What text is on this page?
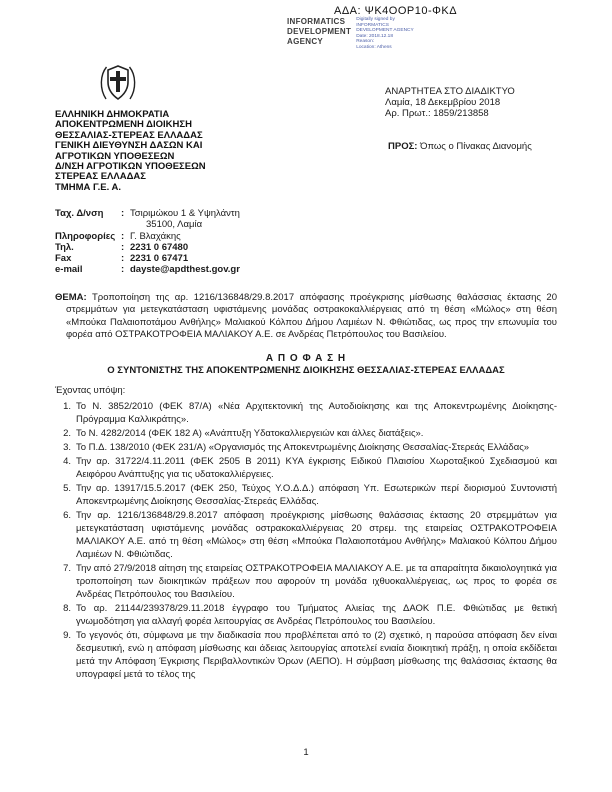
ΑΔΑ: ΨΚ4ΟΟΡ10-ΦΚΔ
INFORMATICS
DEVELOPMENT
AGENCY
Digitally signed by
INFORMATICS
DEVELOPMENT AGENCY
Date: 2018.12.18
Reason:
Location: Athens
ΕΛΛΗΝΙΚΗ ΔΗΜΟΚΡΑΤΙΑ
ΑΠΟΚΕΝΤΡΩΜΕΝΗ ΔΙΟΙΚΗΣΗ
ΘΕΣΣΑΛΙΑΣ-ΣΤΕΡΕΑΣ ΕΛΛΑΔΑΣ
ΓΕΝΙΚΗ ΔΙΕΥΘΥΝΣΗ ΔΑΣΩΝ ΚΑΙ
ΑΓΡΟΤΙΚΩΝ ΥΠΟΘΕΣΕΩΝ
Δ/ΝΣΗ ΑΓΡΟΤΙΚΩΝ ΥΠΟΘΕΣΕΩΝ
ΣΤΕΡΕΑΣ ΕΛΛΑΔΑΣ
ΤΜΗΜΑ Γ.Ε. Α.
ΑΝΑΡΤΗΤΕΑ ΣΤΟ ΔΙΑΔΙΚΤΥΟ
Λαμία, 18 Δεκεμβρίου 2018
Αρ. Πρωτ.: 1859/213858
ΠΡΟΣ: Όπως ο Πίνακας Διανομής
Ταχ. Δ/νση : Τσιριμώκου 1 & Υψηλάντη
35100, Λαμία
Πληροφορίες : Γ. Βλαχάκης
Τηλ.	: 2231 0 67480
Fax	: 2231 0 67471
e-mail	: dayste@apdthest.gov.gr

ΘΕΜΑ: Τροποποίηση της αρ. 1216/136848/29.8.2017 απόφασης προέγκρισης μίσθωσης θαλάσσιας έκτασης 20 στρεμμάτων για μετεγκατάσταση υφιστάμενης μονάδας οστρακοκαλλιέργειας από τη θέση «Μώλος» στη θέση «Μπούκα Παλαιοποτάμου Ανθήλης» Μαλιακού Κόλπου Δήμου Λαμιέων Ν. Φθιώτιδας, ως προς την επωνυμία του φορέα από ΟΣΤΡΑΚΟΤΡΟΦΕΙΑ ΜΑΛΙΑΚΟΥ Α.Ε. σε Ανδρέας Πετρόπουλος του Βασιλείου.

Α Π Ο Φ Α Σ Η
Ο ΣΥΝΤΟΝΙΣΤΗΣ ΤΗΣ ΑΠΟΚΕΝΤΡΩΜΕΝΗΣ ΔΙΟΙΚΗΣΗΣ ΘΕΣΣΑΛΙΑΣ-ΣΤΕΡΕΑΣ ΕΛΛΑΔΑΣ
Έχοντας υπόψη:
1. Το Ν. 3852/2010 (ΦΕΚ 87/Α) «Νέα Αρχιτεκτονική της Αυτοδιοίκησης και της Αποκεντρωμένης Διοίκησης-Πρόγραμμα Καλλικράτης».
2. Το Ν. 4282/2014 (ΦΕΚ 182 Α) «Ανάπτυξη Υδατοκαλλιεργειών και άλλες διατάξεις».
3. Το Π.Δ. 138/2010 (ΦΕΚ 231/Α) «Οργανισμός της Αποκεντρωμένης Διοίκησης Θεσσαλίας-Στερεάς Ελλάδας»
4. Την αρ. 31722/4.11.2011 (ΦΕΚ 2505 Β 2011) ΚΥΑ έγκρισης Ειδικού Πλαισίου Χωροταξικού Σχεδιασμού και Αειφόρου Ανάπτυξης για τις υδατοκαλλιέργειες.
5. Την αρ. 13917/15.5.2017 (ΦΕΚ 250, Τεύχος Υ.Ο.Δ.Δ.) απόφαση Υπ. Εσωτερικών περί διορισμού Συντονιστή Αποκεντρωμένης Διοίκησης Θεσσαλίας-Στερεάς Ελλάδας.
6. Την αρ. 1216/136848/29.8.2017 απόφαση προέγκρισης μίσθωσης θαλάσσιας έκτασης 20 στρεμμάτων για μετεγκατάσταση υφιστάμενης μονάδας οστρακοκαλλιέργειας 20 στρεμ. της εταιρείας ΟΣΤΡΑΚΟΤΡΟΦΕΙΑ ΜΑΛΙΑΚΟΥ Α.Ε. από τη θέση «Μώλος» στη θέση «Μπούκα Παλαιοποτάμου Ανθήλης» Μαλιακού Κόλπου Δήμου Λαμιέων Ν. Φθιώτιδας.
7. Την από 27/9/2018 αίτηση της εταιρείας ΟΣΤΡΑΚΟΤΡΟΦΕΙΑ ΜΑΛΙΑΚΟΥ Α.Ε. με τα απαραίτητα δικαιολογητικά για τροποποίηση των διοικητικών πράξεων που αφορούν τη μονάδα ιχθυοκαλλιέργειας, ως προς το φορέα σε Ανδρέας Πετρόπουλος του Βασιλείου.
8. Το αρ. 21144/239378/29.11.2018 έγγραφο του Τμήματος Αλιείας της ΔΑΟΚ Π.Ε. Φθιώτιδας με θετική γνωμοδότηση για αλλαγή φορέα λειτουργίας σε Ανδρέας Πετρόπουλος του Βασιλείου.
9. Το γεγονός ότι, σύμφωνα με την διαδικασία που προβλέπεται από το (2) σχετικό, η παρούσα απόφαση δεν είναι δεσμευτική, ενώ η απόφαση μίσθωσης και άδειας λειτουργίας αποτελεί ενιαία διοικητική πράξη, η οποία εκδίδεται μετά την Απόφαση Έγκρισης Περιβαλλοντικών Όρων (ΑΕΠΟ). Η σύμβαση μίσθωσης της θαλάσσιας έκτασης θα υπογραφεί μετά το τέλος της
1
